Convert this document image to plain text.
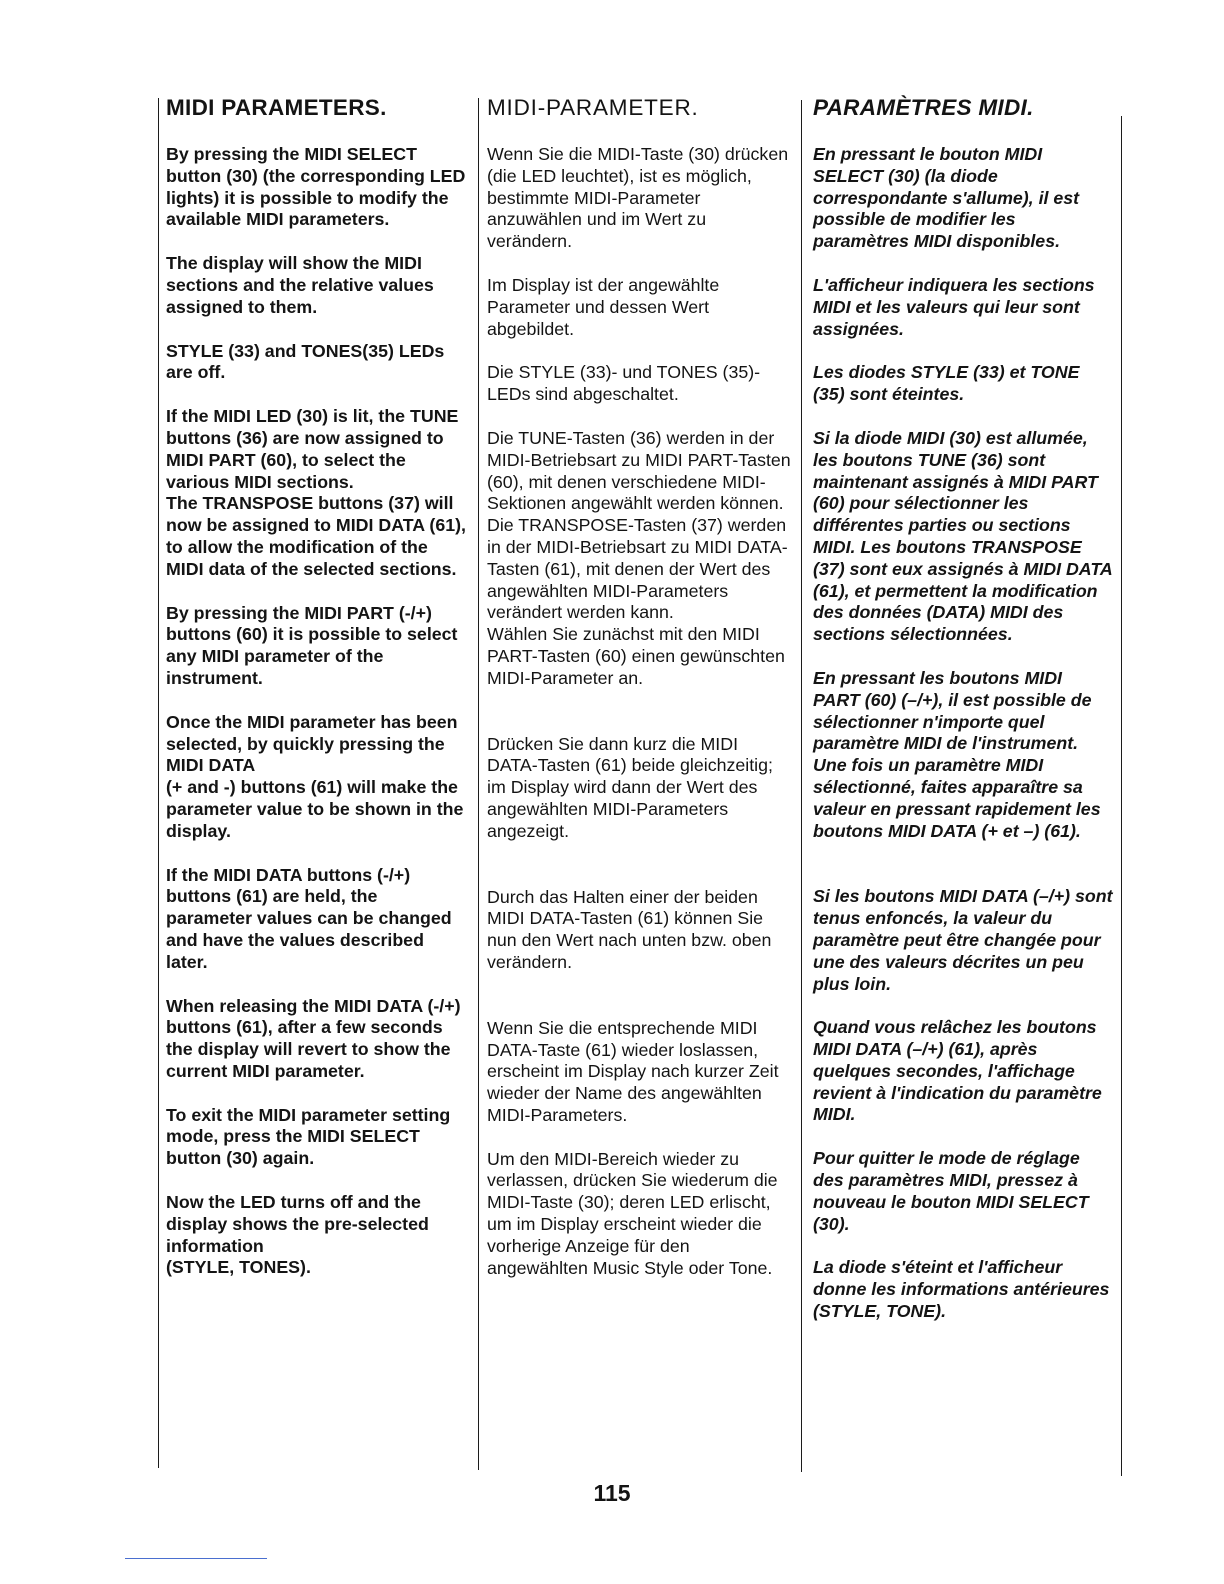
MIDI PARAMETERS.

By pressing the MIDI SELECT button (30) (the corresponding LED lights) it is possible to modify the available MIDI parameters.

The display will show the MIDI sections and the relative values assigned to them.

STYLE (33) and TONES(35) LEDs are off.

If the MIDI LED (30) is lit, the TUNE buttons (36) are now assigned to MIDI PART (60), to select the various MIDI sections.
The TRANSPOSE buttons (37) will now be assigned to MIDI DATA (61), to allow the modification of the MIDI data of the selected sections.

By pressing the MIDI PART (-/+) buttons (60) it is possible to select any MIDI parameter of the instrument.

Once the MIDI parameter has been selected, by quickly pressing the MIDI DATA
(+ and -) buttons (61) will make the parameter value to be shown in the display.

If the MIDI DATA buttons (-/+) buttons (61) are held, the parameter values can be changed and have the values described later.

When releasing the MIDI DATA (-/+) buttons (61), after a few seconds the display will revert to show the current MIDI parameter.

To exit the MIDI parameter setting mode, press the MIDI SELECT button (30) again.

Now the LED turns off and the display shows the pre-selected information
(STYLE, TONES).

MIDI-PARAMETER.

Wenn Sie die MIDI-Taste (30) drücken (die LED leuchtet), ist es möglich, bestimmte MIDI-Parameter anzuwählen und im Wert zu verändern.

Im Display ist der angewählte Parameter und dessen Wert abgebildet.

Die STYLE (33)- und TONES (35)-LEDs sind abgeschaltet.

Die TUNE-Tasten (36) werden in der MIDI-Betriebsart zu MIDI PART-Tasten (60), mit denen verschiedene MIDI-Sektionen angewählt werden können.
Die TRANSPOSE-Tasten (37) werden in der MIDI-Betriebsart zu MIDI DATA-Tasten (61), mit denen der Wert des angewählten MIDI-Parameters verändert werden kann.
Wählen Sie zunächst mit den MIDI PART-Tasten (60) einen gewünschten MIDI-Parameter an.

Drücken Sie dann kurz die MIDI DATA-Tasten (61) beide gleichzeitig; im Display wird dann der Wert des angewählten MIDI-Parameters angezeigt.

Durch das Halten einer der beiden MIDI DATA-Tasten (61) können Sie nun den Wert nach unten bzw. oben verändern.

Wenn Sie die entsprechende MIDI DATA-Taste (61) wieder loslassen, erscheint im Display nach kurzer Zeit wieder der Name des angewählten MIDI-Parameters.

Um den MIDI-Bereich wieder zu verlassen, drücken Sie wiederum die MIDI-Taste (30); deren LED erlischt, um im Display erscheint wieder die vorherige Anzeige für den angewählten Music Style oder Tone.

PARAMÈTRES MIDI.

En pressant le bouton MIDI SELECT (30) (la diode correspondante s'allume), il est possible de modifier les paramètres MIDI disponibles.

L'afficheur indiquera les sections MIDI et les valeurs qui leur sont assignées.

Les diodes STYLE (33) et TONE (35) sont éteintes.

Si la diode MIDI (30) est allumée, les boutons TUNE (36) sont maintenant assignés à MIDI PART (60) pour sélectionner les différentes parties ou sections MIDI. Les boutons TRANSPOSE (37) sont eux assignés à MIDI DATA (61), et permettent la modification des données (DATA) MIDI des sections sélectionnées.

En pressant les boutons MIDI PART (60) (–/+), il est possible de sélectionner n'importe quel paramètre MIDI de l'instrument.
Une fois un paramètre MIDI sélectionné, faites apparaître sa valeur en pressant rapidement les boutons MIDI DATA (+ et –) (61).

Si les boutons MIDI DATA (–/+) sont tenus enfoncés, la valeur du paramètre peut être changée pour une des valeurs décrites un peu plus loin.

Quand vous relâchez les boutons MIDI DATA (–/+) (61), après quelques secondes, l'affichage revient à l'indication du paramètre MIDI.

Pour quitter le mode de réglage des paramètres MIDI, pressez à nouveau le bouton MIDI SELECT (30).

La diode s'éteint et l'afficheur donne les informations antérieures (STYLE, TONE).

115
